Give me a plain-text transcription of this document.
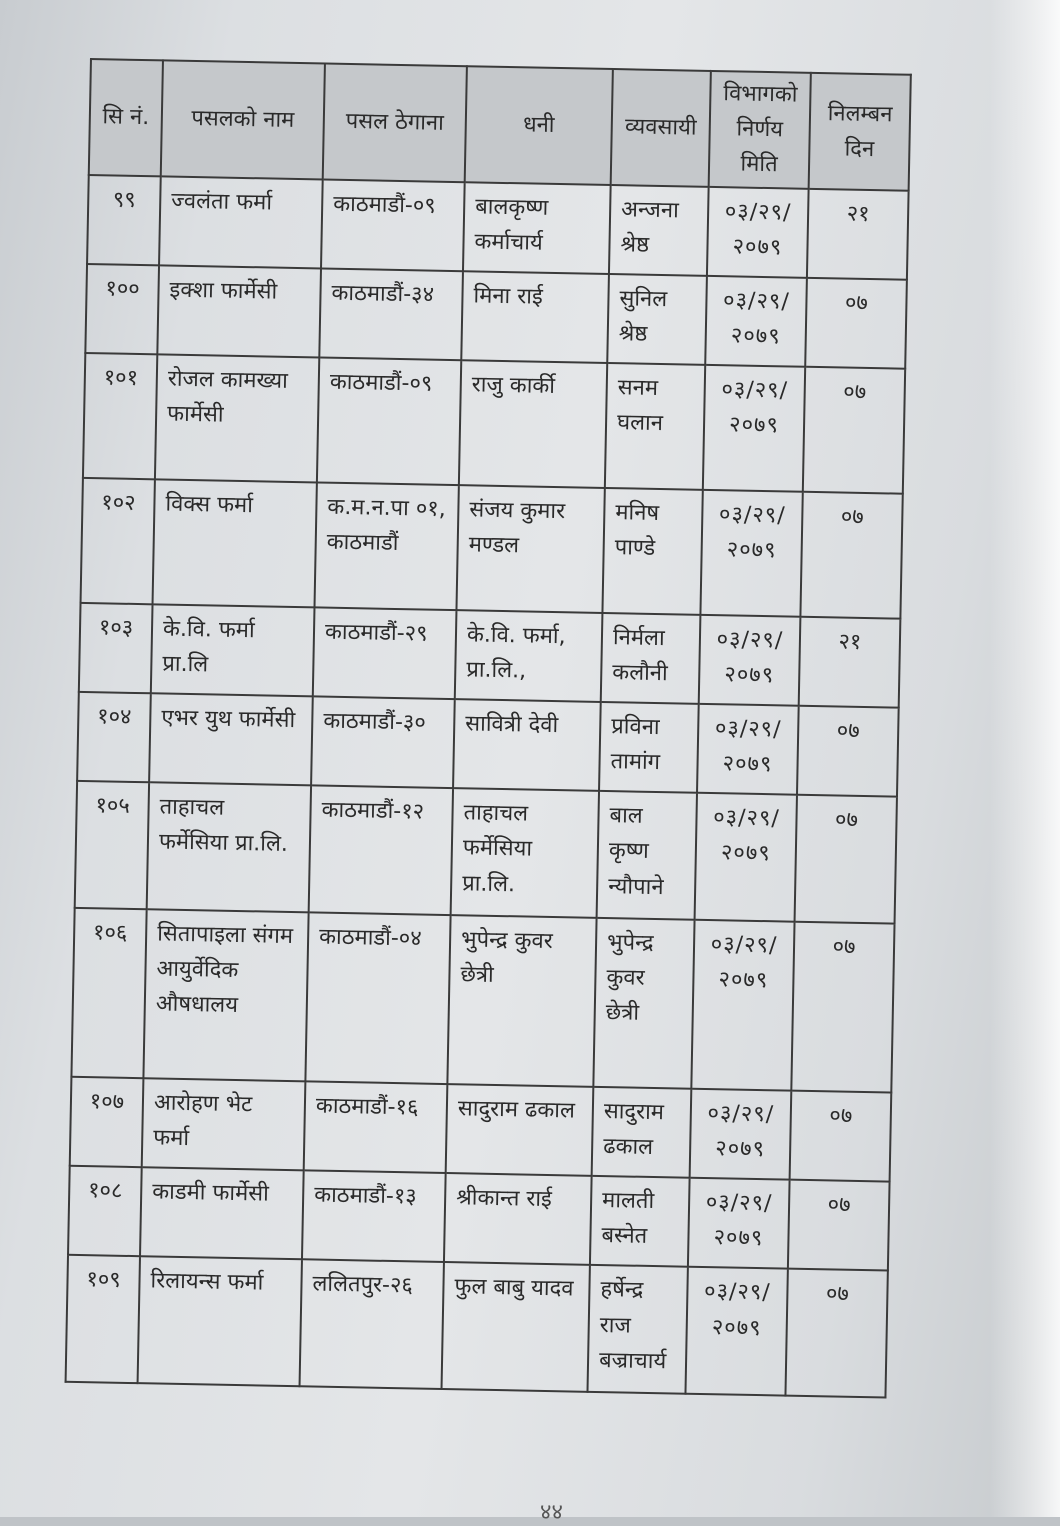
सि नं.	पसलको नाम	पसल ठेगाना	धनी	व्यवसायी	विभागको निर्णय मिति	निलम्बन दिन
९९	ज्वलंता फर्मा	काठमाडौं-०९	बालकृष्ण कर्माचार्य	अन्जना श्रेष्ठ	०३/२९/२०७९	२१
१००	इक्शा फार्मेसी	काठमाडौं-३४	मिना राई	सुनिल श्रेष्ठ	०३/२९/२०७९	०७
१०१	रोजल कामख्या फार्मेसी	काठमाडौं-०९	राजु कार्की	सनम घलान	०३/२९/२०७९	०७
१०२	विक्स फर्मा	क.म.न.पा ०१, काठमाडौं	संजय कुमार मण्डल	मनिष पाण्डे	०३/२९/२०७९	०७
१०३	के.वि. फर्मा प्रा.लि	काठमाडौं-२९	के.वि. फर्मा, प्रा.लि.,	निर्मला कलौनी	०३/२९/२०७९	२१
१०४	एभर युथ फार्मेसी	काठमाडौं-३०	सावित्री देवी	प्रविना तामांग	०३/२९/२०७९	०७
१०५	ताहाचल फर्मेसिया प्रा.लि.	काठमाडौं-१२	ताहाचल फर्मेसिया प्रा.लि.	बाल कृष्ण न्यौपाने	०३/२९/२०७९	०७
१०६	सितापाइला संगम आयुर्वेदिक औषधालय	काठमाडौं-०४	भुपेन्द्र कुवर छेत्री	भुपेन्द्र कुवर छेत्री	०३/२९/२०७९	०७
१०७	आरोहण भेट फर्मा	काठमाडौं-१६	सादुराम ढकाल	सादुराम ढकाल	०३/२९/२०७९	०७
१०८	काडमी फार्मेसी	काठमाडौं-१३	श्रीकान्त राई	मालती बस्नेत	०३/२९/२०७९	०७
१०९	रिलायन्स फर्मा	ललितपुर-२६	फुल बाबु यादव	हर्षेन्द्र राज बज्राचार्य	०३/२९/२०७९	०७
४४
